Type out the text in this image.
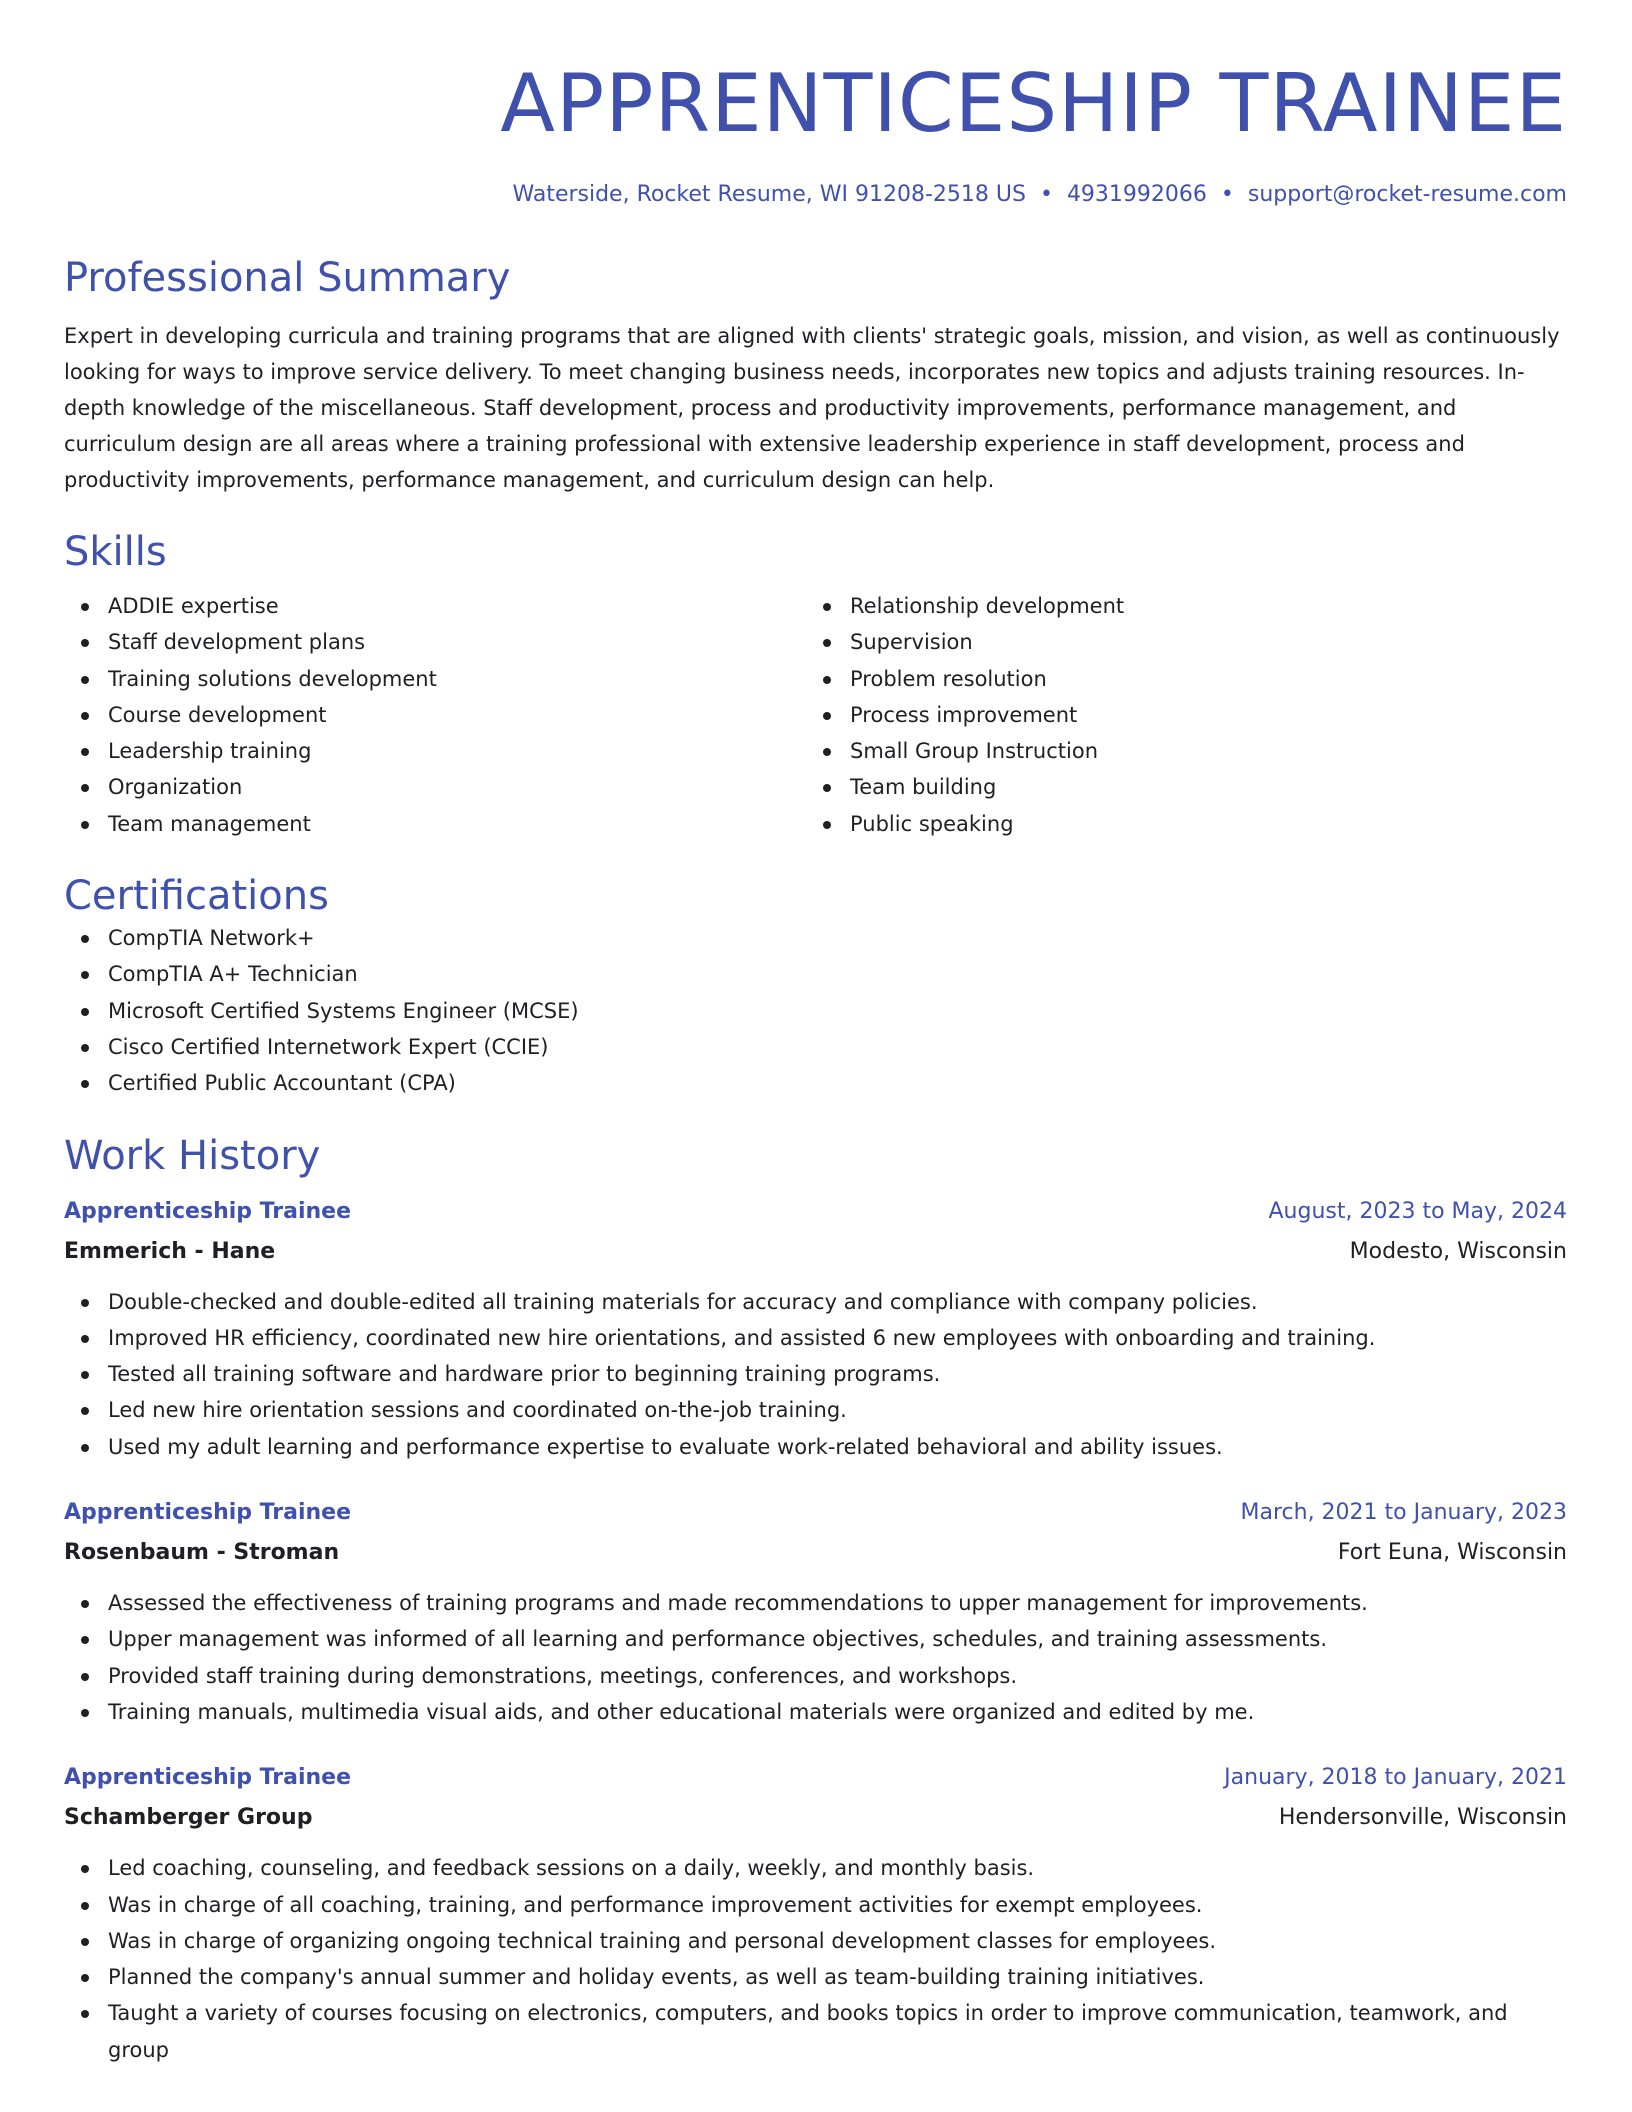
APPRENTICESHIP TRAINEE
Waterside, Rocket Resume, WI 91208-2518 US • 4931992066 • support@rocket-resume.com
Professional Summary
Expert in developing curricula and training programs that are aligned with clients' strategic goals, mission, and vision, as well as continuously looking for ways to improve service delivery. To meet changing business needs, incorporates new topics and adjusts training resources. In-depth knowledge of the miscellaneous. Staff development, process and productivity improvements, performance management, and curriculum design are all areas where a training professional with extensive leadership experience in staff development, process and productivity improvements, performance management, and curriculum design can help.
Skills
ADDIE expertise
Staff development plans
Training solutions development
Course development
Leadership training
Organization
Team management
Relationship development
Supervision
Problem resolution
Process improvement
Small Group Instruction
Team building
Public speaking
Certifications
CompTIA Network+
CompTIA A+ Technician
Microsoft Certified Systems Engineer (MCSE)
Cisco Certified Internetwork Expert (CCIE)
Certified Public Accountant (CPA)
Work History
Apprenticeship Trainee	August, 2023 to May, 2024
Emmerich - Hane	Modesto, Wisconsin
Double-checked and double-edited all training materials for accuracy and compliance with company policies.
Improved HR efficiency, coordinated new hire orientations, and assisted 6 new employees with onboarding and training.
Tested all training software and hardware prior to beginning training programs.
Led new hire orientation sessions and coordinated on-the-job training.
Used my adult learning and performance expertise to evaluate work-related behavioral and ability issues.
Apprenticeship Trainee	March, 2021 to January, 2023
Rosenbaum - Stroman	Fort Euna, Wisconsin
Assessed the effectiveness of training programs and made recommendations to upper management for improvements.
Upper management was informed of all learning and performance objectives, schedules, and training assessments.
Provided staff training during demonstrations, meetings, conferences, and workshops.
Training manuals, multimedia visual aids, and other educational materials were organized and edited by me.
Apprenticeship Trainee	January, 2018 to January, 2021
Schamberger Group	Hendersonville, Wisconsin
Led coaching, counseling, and feedback sessions on a daily, weekly, and monthly basis.
Was in charge of all coaching, training, and performance improvement activities for exempt employees.
Was in charge of organizing ongoing technical training and personal development classes for employees.
Planned the company's annual summer and holiday events, as well as team-building training initiatives.
Taught a variety of courses focusing on electronics, computers, and books topics in order to improve communication, teamwork, and group
